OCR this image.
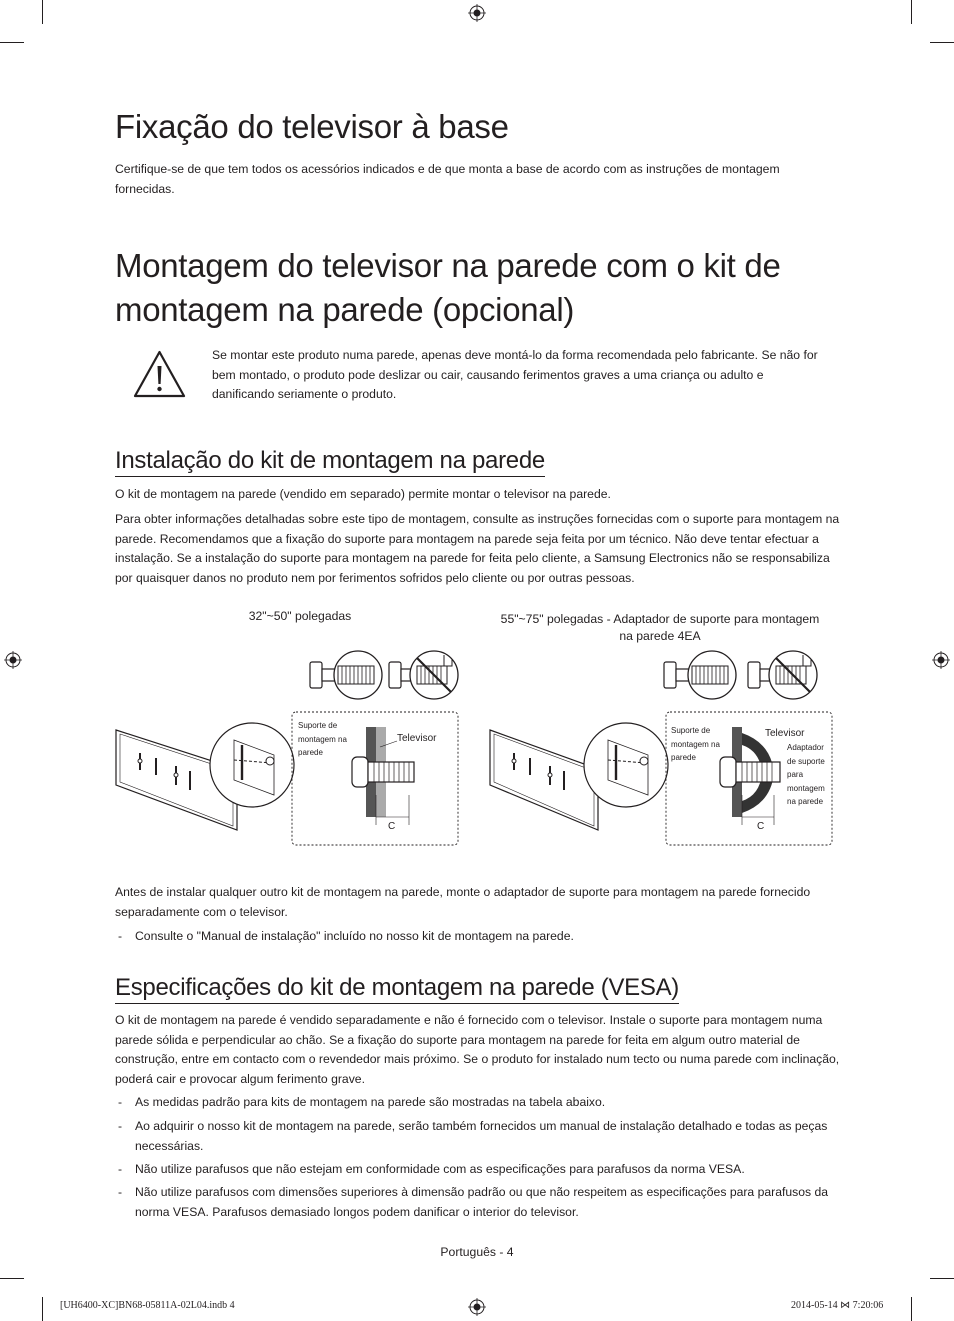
Fixação do televisor à base

Certifique-se de que tem todos os acessórios indicados e de que monta a base de acordo com as instruções de montagem fornecidas.

Montagem do televisor na parede com o kit de montagem na parede (opcional)

Se montar este produto numa parede, apenas deve montá-lo da forma recomendada pelo fabricante. Se não for bem montado, o produto pode deslizar ou cair, causando ferimentos graves a uma criança ou adulto e danificando seriamente o produto.

Instalação do kit de montagem na parede

O kit de montagem na parede (vendido em separado) permite montar o televisor na parede.

Para obter informações detalhadas sobre este tipo de montagem, consulte as instruções fornecidas com o suporte para montagem na parede. Recomendamos que a fixação do suporte para montagem na parede seja feita por um técnico. Não deve tentar efectuar a instalação. Se a instalação do suporte para montagem na parede for feita pelo cliente, a Samsung Electronics não se responsabiliza por quaisquer danos no produto nem por ferimentos sofridos pelo cliente ou por outras pessoas.

32"~50" polegadas	55"~75" polegadas - Adaptador de suporte para montagem na parede 4EA
Suporte de montagem na parede
Televisor
C
Suporte de montagem na parede
Televisor
Adaptador de suporte para montagem na parede
C

Antes de instalar qualquer outro kit de montagem na parede, monte o adaptador de suporte para montagem na parede fornecido separadamente com o televisor.

- Consulte o "Manual de instalação" incluído no nosso kit de montagem na parede.
Especificações do kit de montagem na parede (VESA)

O kit de montagem na parede é vendido separadamente e não é fornecido com o televisor. Instale o suporte para montagem numa parede sólida e perpendicular ao chão. Se a fixação do suporte para montagem na parede for feita em algum outro material de construção, entre em contacto com o revendedor mais próximo. Se o produto for instalado num tecto ou numa parede com inclinação, poderá cair e provocar algum ferimento grave.

- As medidas padrão para kits de montagem na parede são mostradas na tabela abaixo.
- Ao adquirir o nosso kit de montagem na parede, serão também fornecidos um manual de instalação detalhado e todas as peças necessárias.
- Não utilize parafusos que não estejam em conformidade com as especificações para parafusos da norma VESA.
- Não utilize parafusos com dimensões superiores à dimensão padrão ou que não respeitem as especificações para parafusos da norma VESA. Parafusos demasiado longos podem danificar o interior do televisor.
Português - 4
[UH6400-XC]BN68-05811A-02L04.indb 4	2014-05-14 ⋈ 7:20:06
